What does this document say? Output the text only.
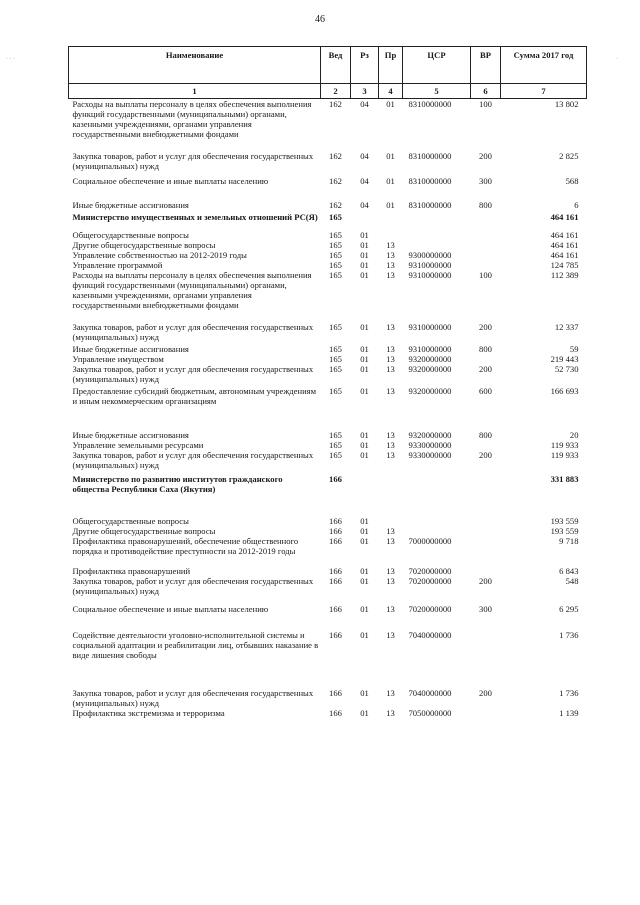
46
· · ·	·
Наименование	Вед	Рз	Пр	ЦСР	ВР	Сумма 2017 год
1	2	3	4	5	6	7
Расходы на выплаты персоналу в целях обеспечения выполнения функций государственными (муниципальными) органами, казенными учреждениями, органами управления государственными внебюджетными фондами	162	04	01	8310000000	100	13 802
Закупка товаров, работ и услуг для обеспечения государственных (муниципальных) нужд	162	04	01	8310000000	200	2 825
Социальное обеспечение и иные выплаты населению	162	04	01	8310000000	300	568
Иные бюджетные ассигнования	162	04	01	8310000000	800	6
Министерство имущественных и земельных отношений РС(Я)	165					464 161
Общегосударственные вопросы	165	01				464 161
Другие общегосударственные вопросы	165	01	13			464 161
Управление собственностью на 2012-2019 годы	165	01	13	9300000000		464 161
Управление программой	165	01	13	9310000000		124 785
Расходы на выплаты персоналу в целях обеспечения выполнения функций государственными (муниципальными) органами, казенными учреждениями, органами управления государственными внебюджетными фондами	165	01	13	9310000000	100	112 389
Закупка товаров, работ и услуг для обеспечения государственных (муниципальных) нужд	165	01	13	9310000000	200	12 337
Иные бюджетные ассигнования	165	01	13	9310000000	800	59
Управление имуществом	165	01	13	9320000000		219 443
Закупка товаров, работ и услуг для обеспечения государственных (муниципальных) нужд	165	01	13	9320000000	200	52 730
Предоставление субсидий бюджетным, автономным учреждениям и иным некоммерческим организациям	165	01	13	9320000000	600	166 693
Иные бюджетные ассигнования	165	01	13	9320000000	800	20
Управление земельными ресурсами	165	01	13	9330000000		119 933
Закупка товаров, работ и услуг для обеспечения государственных (муниципальных) нужд	165	01	13	9330000000	200	119 933
Министерство по развитию институтов гражданского общества Республики Саха (Якутия)	166					331 883
Общегосударственные вопросы	166	01				193 559
Другие общегосударственные вопросы	166	01	13			193 559
Профилактика правонарушений, обеспечение общественного порядка и противодействие преступности на 2012-2019 годы	166	01	13	7000000000		9 718
Профилактика правонарушений	166	01	13	7020000000		6 843
Закупка товаров, работ и услуг для обеспечения государственных (муниципальных) нужд	166	01	13	7020000000	200	548
Социальное обеспечение и иные выплаты населению	166	01	13	7020000000	300	6 295
Содействие деятельности уголовно-исполнительной системы и социальной адаптации и реабилитации лиц, отбывших наказание в виде лишения свободы	166	01	13	7040000000		1 736
Закупка товаров, работ и услуг для обеспечения государственных (муниципальных) нужд	166	01	13	7040000000	200	1 736
Профилактика экстремизма и терроризма	166	01	13	7050000000		1 139
